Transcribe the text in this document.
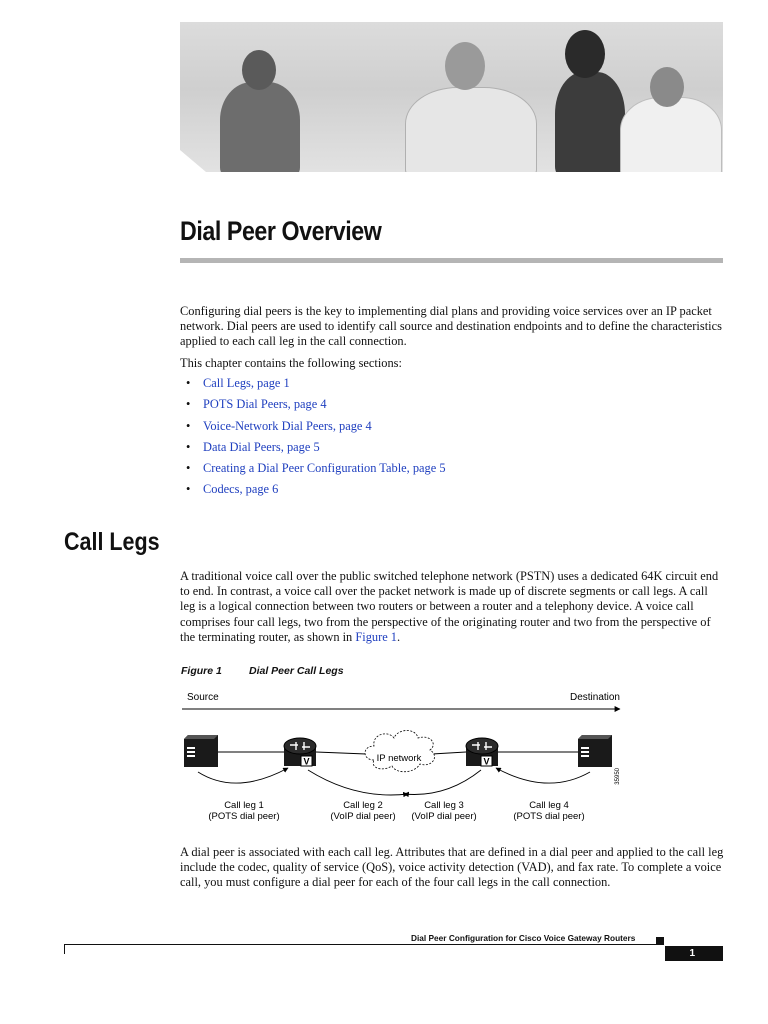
Dial Peer Overview

Configuring dial peers is the key to implementing dial plans and providing voice services over an IP packet network. Dial peers are used to identify call source and destination endpoints and to define the characteristics applied to each call leg in the call connection.

This chapter contains the following sections:

• Call Legs, page 1
• POTS Dial Peers, page 4
• Voice-Network Dial Peers, page 4
• Data Dial Peers, page 5
• Creating a Dial Peer Configuration Table, page 5
• Codecs, page 6
Call Legs

A traditional voice call over the public switched telephone network (PSTN) uses a dedicated 64K circuit end to end. In contrast, a voice call over the packet network is made up of discrete segments or call legs. A call leg is a logical connection between two routers or between a router and a telephony device. A voice call comprises four call legs, two from the perspective of the originating router and two from the perspective of the terminating router, as shown in Figure 1.

Figure 1	Dial Peer Call Legs
Source	Destination
V	IP network	V
Call leg 1
(POTS dial peer)
Call leg 2
(VoIP dial peer)
Call leg 3
(VoIP dial peer)
Call leg 4
(POTS dial peer)
35950

A dial peer is associated with each call leg. Attributes that are defined in a dial peer and applied to the call leg include the codec, quality of service (QoS), voice activity detection (VAD), and fax rate. To complete a voice call, you must configure a dial peer for each of the four call legs in the call connection.

Dial Peer Configuration for Cisco Voice Gateway Routers
1
